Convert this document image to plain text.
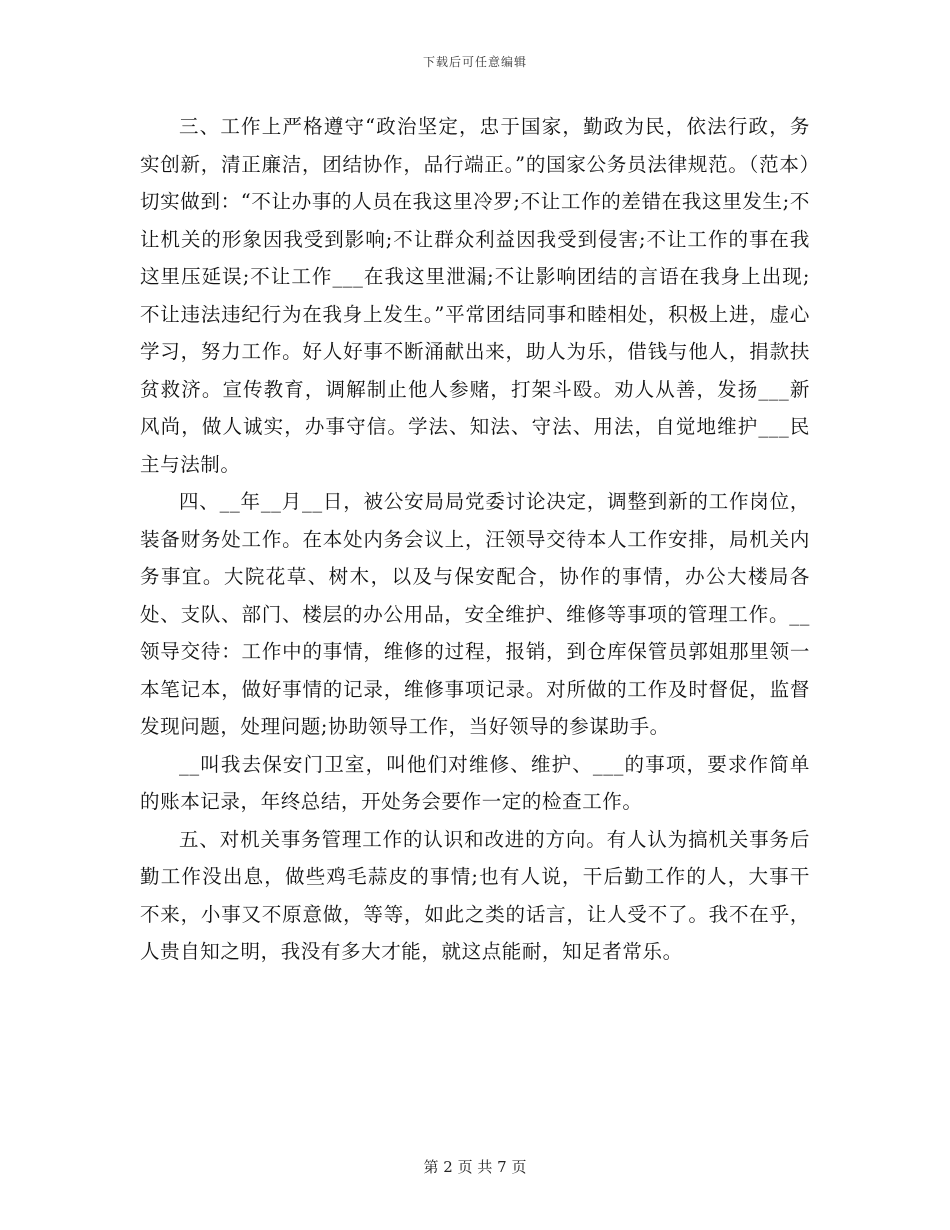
下载后可任意编辑

三、工作上严格遵守“政治坚定，忠于国家，勤政为民，依法行政，务实创新，清正廉洁，团结协作，品行端正。”的国家公务员法律规范。（范本）切实做到：“不让办事的人员在我这里冷罗;不让工作的差错在我这里发生;不让机关的形象因我受到影响;不让群众利益因我受到侵害;不让工作的事在我这里压延误;不让工作___在我这里泄漏;不让影响团结的言语在我身上出现;不让违法违纪行为在我身上发生。”平常团结同事和睦相处，积极上进，虚心学习，努力工作。好人好事不断涌献出来，助人为乐，借钱与他人，捐款扶贫救济。宣传教育，调解制止他人参赌，打架斗殴。劝人从善，发扬___新风尚，做人诚实，办事守信。学法、知法、守法、用法，自觉地维护___民主与法制。

四、__年__月__日，被公安局局党委讨论决定，调整到新的工作岗位，装备财务处工作。在本处内务会议上，汪领导交待本人工作安排，局机关内务事宜。大院花草、树木，以及与保安配合，协作的事情，办公大楼局各处、支队、部门、楼层的办公用品，安全维护、维修等事项的管理工作。__领导交待：工作中的事情，维修的过程，报销，到仓库保管员郭姐那里领一本笔记本，做好事情的记录，维修事项记录。对所做的工作及时督促，监督发现问题，处理问题;协助领导工作，当好领导的参谋助手。

__叫我去保安门卫室，叫他们对维修、维护、___的事项，要求作简单的账本记录，年终总结，开处务会要作一定的检查工作。

五、对机关事务管理工作的认识和改进的方向。有人认为搞机关事务后勤工作没出息，做些鸡毛蒜皮的事情;也有人说，干后勤工作的人，大事干不来，小事又不原意做，等等，如此之类的话言，让人受不了。我不在乎，人贵自知之明，我没有多大才能，就这点能耐，知足者常乐。

第 2 页 共 7 页
